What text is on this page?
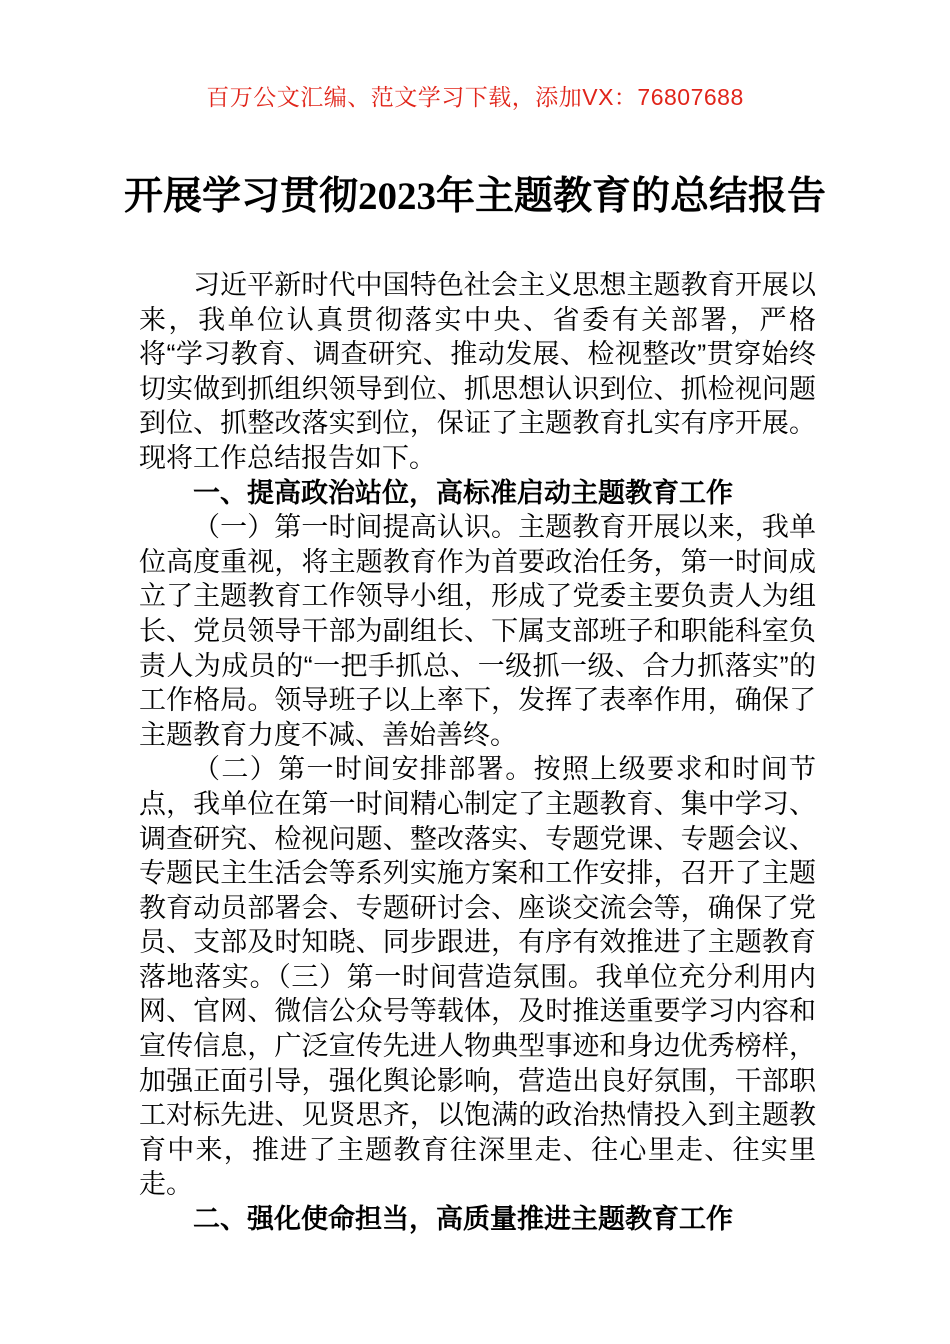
百万公文汇编、范文学习下载，添加VX：76807688
开展学习贯彻2023年主题教育的总结报告

习近平新时代中国特色社会主义思想主题教育开展以来，我单位认真贯彻落实中央、省委有关部署，严格将“学习教育、调查研究、推动发展、检视整改”贯穿始终切实做到抓组织领导到位、抓思想认识到位、抓检视问题到位、抓整改落实到位，保证了主题教育扎实有序开展。现将工作总结报告如下。

一、提高政治站位，高标准启动主题教育工作

（一）第一时间提高认识。主题教育开展以来，我单位高度重视，将主题教育作为首要政治任务，第一时间成立了主题教育工作领导小组，形成了党委主要负责人为组长、党员领导干部为副组长、下属支部班子和职能科室负责人为成员的“一把手抓总、一级抓一级、合力抓落实”的工作格局。领导班子以上率下，发挥了表率作用，确保了主题教育力度不减、善始善终。

（二）第一时间安排部署。按照上级要求和时间节点，我单位在第一时间精心制定了主题教育、集中学习、调查研究、检视问题、整改落实、专题党课、专题会议、专题民主生活会等系列实施方案和工作安排，召开了主题教育动员部署会、专题研讨会、座谈交流会等，确保了党员、支部及时知晓、同步跟进，有序有效推进了主题教育落地落实。（三）第一时间营造氛围。我单位充分利用内网、官网、微信公众号等载体，及时推送重要学习内容和宣传信息，广泛宣传先进人物典型事迹和身边优秀榜样，加强正面引导，强化舆论影响，营造出良好氛围，干部职工对标先进、见贤思齐，以饱满的政治热情投入到主题教育中来，推进了主题教育往深里走、往心里走、往实里走。

二、强化使命担当，高质量推进主题教育工作
